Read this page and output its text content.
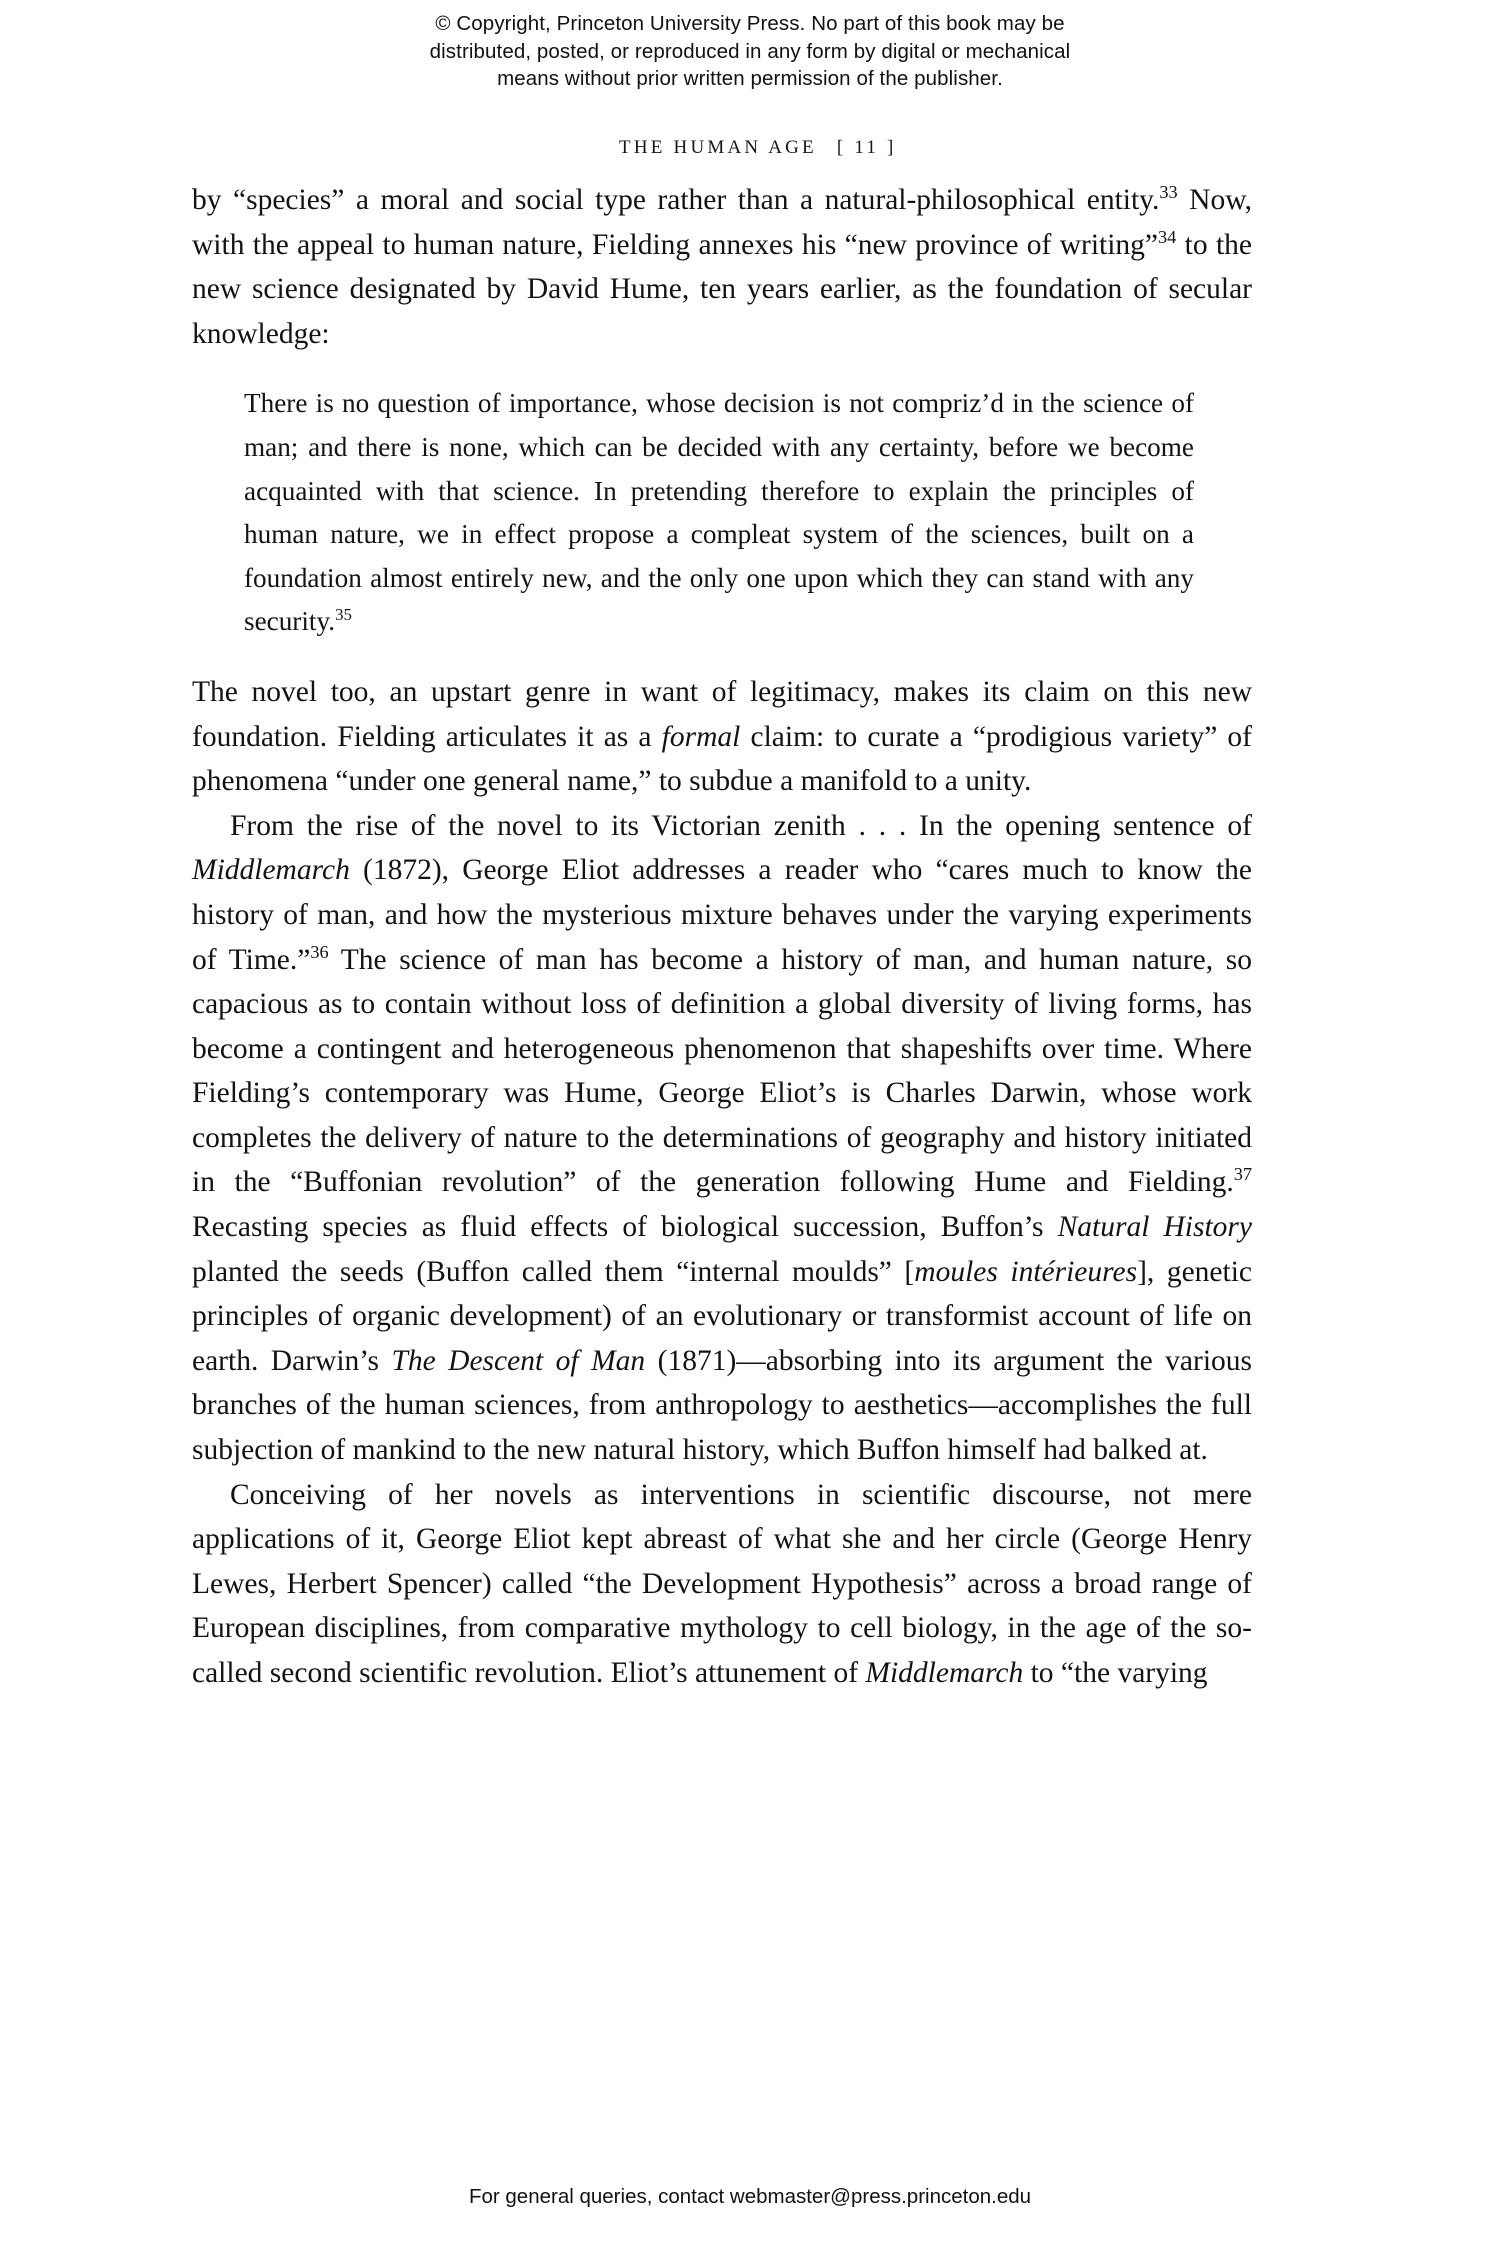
© Copyright, Princeton University Press. No part of this book may be
distributed, posted, or reproduced in any form by digital or mechanical
means without prior written permission of the publisher.

THE HUMAN AGE [ 11 ]

by “species” a moral and social type rather than a natural-philosophical entity.$^{33}$ Now, with the appeal to human nature, Fielding annexes his “new province of writing”$^{34}$ to the new science designated by David Hume, ten years earlier, as the foundation of secular knowledge:

There is no question of importance, whose decision is not compriz’d in the science of man; and there is none, which can be decided with any certainty, before we become acquainted with that science. In pretending therefore to explain the principles of human nature, we in effect propose a compleat system of the sciences, built on a foundation almost entirely new, and the only one upon which they can stand with any security.$^{35}$

The novel too, an upstart genre in want of legitimacy, makes its claim on this new foundation. Fielding articulates it as a formal claim: to curate a “prodigious variety” of phenomena “under one general name,” to subdue a manifold to a unity.

From the rise of the novel to its Victorian zenith . . . In the opening sentence of Middlemarch (1872), George Eliot addresses a reader who “cares much to know the history of man, and how the mysterious mixture behaves under the varying experiments of Time.”$^{36}$ The science of man has become a history of man, and human nature, so capacious as to contain without loss of definition a global diversity of living forms, has become a contingent and heterogeneous phenomenon that shapeshifts over time. Where Fielding’s contemporary was Hume, George Eliot’s is Charles Darwin, whose work completes the delivery of nature to the determinations of geography and history initiated in the “Buffonian revolution” of the generation following Hume and Fielding.$^{37}$ Recasting species as fluid effects of biological succession, Buffon’s Natural History planted the seeds (Buffon called them “internal moulds” [moules intérieures], genetic principles of organic development) of an evolutionary or transformist account of life on earth. Darwin’s The Descent of Man (1871)—absorbing into its argument the various branches of the human sciences, from anthropology to aesthetics—accomplishes the full subjection of mankind to the new natural history, which Buffon himself had balked at.

Conceiving of her novels as interventions in scientific discourse, not mere applications of it, George Eliot kept abreast of what she and her circle (George Henry Lewes, Herbert Spencer) called “the Development Hypothesis” across a broad range of European disciplines, from comparative mythology to cell biology, in the age of the so-called second scientific revolution. Eliot’s attunement of Middlemarch to “the varying

For general queries, contact webmaster@press.princeton.edu
